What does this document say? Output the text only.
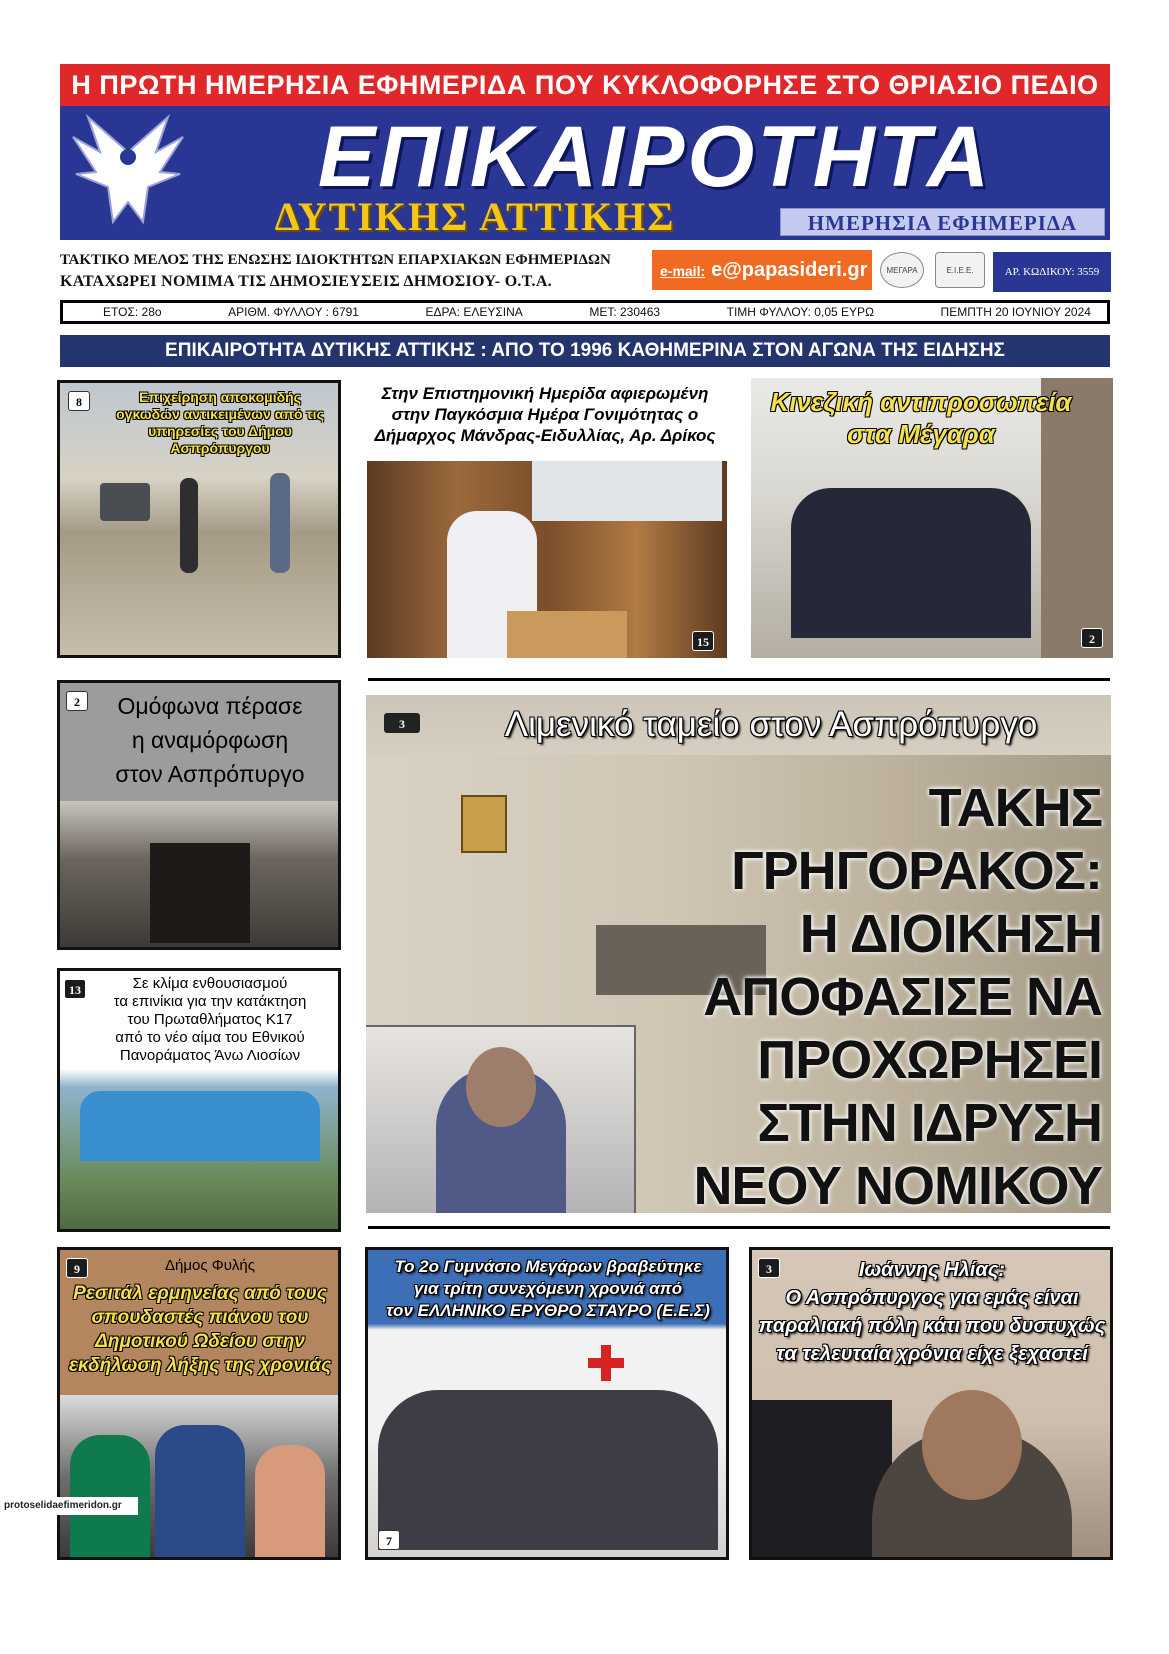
Η ΠΡΩΤΗ ΗΜΕΡΗΣΙΑ ΕΦΗΜΕΡΙΔΑ ΠΟΥ ΚΥΚΛΟΦΟΡΗΣΕ ΣΤΟ ΘΡΙΑΣΙΟ ΠΕΔΙΟ
ΕΠΙΚΑΙΡΟΤΗΤΑ
ΔΥΤΙΚΗΣ ΑΤΤΙΚΗΣ	ΗΜΕΡΗΣΙΑ ΕΦΗΜΕΡΙΔΑ
ΤΑΚΤΙΚΟ ΜΕΛΟΣ ΤΗΣ ΕΝΩΣΗΣ ΙΔΙΟΚΤΗΤΩΝ ΕΠΑΡΧΙΑΚΩΝ ΕΦΗΜΕΡΙΔΩΝ
ΚΑΤΑΧΩΡΕΙ ΝΟΜΙΜΑ ΤΙΣ ΔΗΜΟΣΙΕΥΣΕΙΣ ΔΗΜΟΣΙΟΥ- Ο.Τ.Α.
e-mail: e@papasideri.gr	ΜΕΓΑΡΑ	Ε.Ι.Ε.Ε.	ΑΡ. ΚΩΔΙΚΟΥ: 3559
ΕΤΟΣ: 28ο	ΑΡΙΘΜ. ΦΥΛΛΟΥ : 6791	ΕΔΡΑ: ΕΛΕΥΣΙΝΑ	ΜΕΤ: 230463	ΤΙΜΗ ΦΥΛΛΟΥ: 0,05 ΕΥΡΩ	ΠΕΜΠΤΗ 20 ΙΟΥΝΙΟΥ 2024
ΕΠΙΚΑΙΡΟΤΗΤΑ ΔΥΤΙΚΗΣ ΑΤΤΙΚΗΣ : ΑΠΟ ΤΟ 1996 ΚΑΘΗΜΕΡΙΝΑ ΣΤΟΝ ΑΓΩΝΑ ΤΗΣ ΕΙΔΗΣΗΣ
8	Επιχείρηση αποκομιδής
ογκωδών αντικειμένων από τις
υπηρεσίες του Δήμου Ασπρόπυργου
Στην Επιστημονική Ημερίδα αφιερωμένη
στην Παγκόσμια Ημέρα Γονιμότητας ο
Δήμαρχος Μάνδρας-Ειδυλλίας, Αρ. Δρίκος
15
Κινεζική αντιπροσωπεία
στα Μέγαρα
2
2	Ομόφωνα πέρασε
η αναμόρφωση
στον Ασπρόπυργο
3	Λιμενικό ταμείο στον Ασπρόπυργο
ΤΑΚΗΣ ΓΡΗΓΟΡΑΚΟΣ:
Η ΔΙΟΙΚΗΣΗ
ΑΠΟΦΑΣΙΣΕ ΝΑ
ΠΡΟΧΩΡΗΣΕΙ
ΣΤΗΝ ΙΔΡΥΣΗ
ΝΕΟΥ ΝΟΜΙΚΟΥ
13	Σε κλίμα ενθουσιασμού
τα επινίκια για την κατάκτηση
του Πρωταθλήματος Κ17
από το νέο αίμα του Εθνικού
Πανοράματος Άνω Λιοσίων
9	Δήμος Φυλής
Ρεσιτάλ ερμηνείας από τους
σπουδαστές πιάνου του
Δημοτικού Ωδείου στην
εκδήλωση λήξης της χρονιάς
protoselidaefimeridon.gr
Το 2ο Γυμνάσιο Μεγάρων βραβεύτηκε
για τρίτη συνεχόμενη χρονιά από
τον ΕΛΛΗΝΙΚΟ ΕΡΥΘΡΟ ΣΤΑΥΡΟ (Ε.Ε.Σ)
7
3	Ιωάννης Ηλίας:
Ο Ασπρόπυργος για εμάς είναι
παραλιακή πόλη κάτι που δυστυχώς
τα τελευταία χρόνια είχε ξεχαστεί
